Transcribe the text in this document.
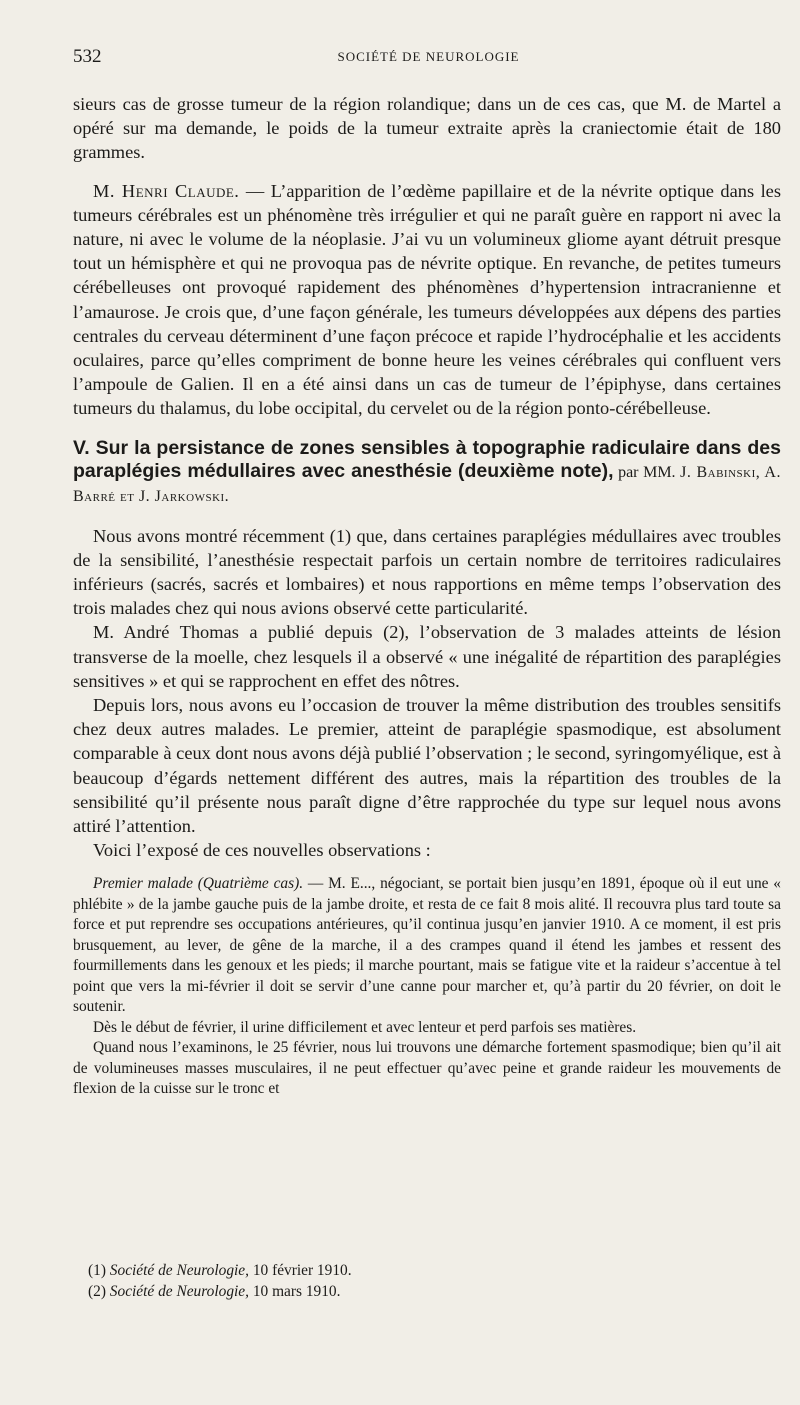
532	SOCIÉTÉ DE NEUROLOGIE

sieurs cas de grosse tumeur de la région rolandique; dans un de ces cas, que M. de Martel a opéré sur ma demande, le poids de la tumeur extraite après la craniectomie était de 180 grammes.

M. Henri Claude. — L’apparition de l’œdème papillaire et de la névrite optique dans les tumeurs cérébrales est un phénomène très irrégulier et qui ne paraît guère en rapport ni avec la nature, ni avec le volume de la néoplasie. J’ai vu un volumineux gliome ayant détruit presque tout un hémisphère et qui ne provoqua pas de névrite optique. En revanche, de petites tumeurs cérébelleuses ont provoqué rapidement des phénomènes d’hypertension intracranienne et l’amaurose. Je crois que, d’une façon générale, les tumeurs développées aux dépens des parties centrales du cerveau déterminent d’une façon précoce et rapide l’hydrocéphalie et les accidents oculaires, parce qu’elles compriment de bonne heure les veines cérébrales qui confluent vers l’ampoule de Galien. Il en a été ainsi dans un cas de tumeur de l’épiphyse, dans certaines tumeurs du thalamus, du lobe occipital, du cervelet ou de la région ponto-cérébelleuse.

V. Sur la persistance de zones sensibles à topographie radiculaire dans des paraplégies médullaires avec anesthésie (deuxième note), par MM. J. Babinski, A. Barré et J. Jarkowski.

Nous avons montré récemment (1) que, dans certaines paraplégies médullaires avec troubles de la sensibilité, l’anesthésie respectait parfois un certain nombre de territoires radiculaires inférieurs (sacrés, sacrés et lombaires) et nous rapportions en même temps l’observation des trois malades chez qui nous avions observé cette particularité.

M. André Thomas a publié depuis (2), l’observation de 3 malades atteints de lésion transverse de la moelle, chez lesquels il a observé « une inégalité de répartition des paraplégies sensitives » et qui se rapprochent en effet des nôtres.

Depuis lors, nous avons eu l’occasion de trouver la même distribution des troubles sensitifs chez deux autres malades. Le premier, atteint de paraplégie spasmodique, est absolument comparable à ceux dont nous avons déjà publié l’observation ; le second, syringomyélique, est à beaucoup d’égards nettement différent des autres, mais la répartition des troubles de la sensibilité qu’il présente nous paraît digne d’être rapprochée du type sur lequel nous avons attiré l’attention.

Voici l’exposé de ces nouvelles observations :

Premier malade (Quatrième cas). — M. E..., négociant, se portait bien jusqu’en 1891, époque où il eut une « phlébite » de la jambe gauche puis de la jambe droite, et resta de ce fait 8 mois alité. Il recouvra plus tard toute sa force et put reprendre ses occupations antérieures, qu’il continua jusqu’en janvier 1910. A ce moment, il est pris brusquement, au lever, de gêne de la marche, il a des crampes quand il étend les jambes et ressent des fourmillements dans les genoux et les pieds; il marche pourtant, mais se fatigue vite et la raideur s’accentue à tel point que vers la mi-février il doit se servir d’une canne pour marcher et, qu’à partir du 20 février, on doit le soutenir.

Dès le début de février, il urine difficilement et avec lenteur et perd parfois ses matières.

Quand nous l’examinons, le 25 février, nous lui trouvons une démarche fortement spasmodique; bien qu’il ait de volumineuses masses musculaires, il ne peut effectuer qu’avec peine et grande raideur les mouvements de flexion de la cuisse sur le tronc et

(1) Société de Neurologie, 10 février 1910.

(2) Société de Neurologie, 10 mars 1910.
